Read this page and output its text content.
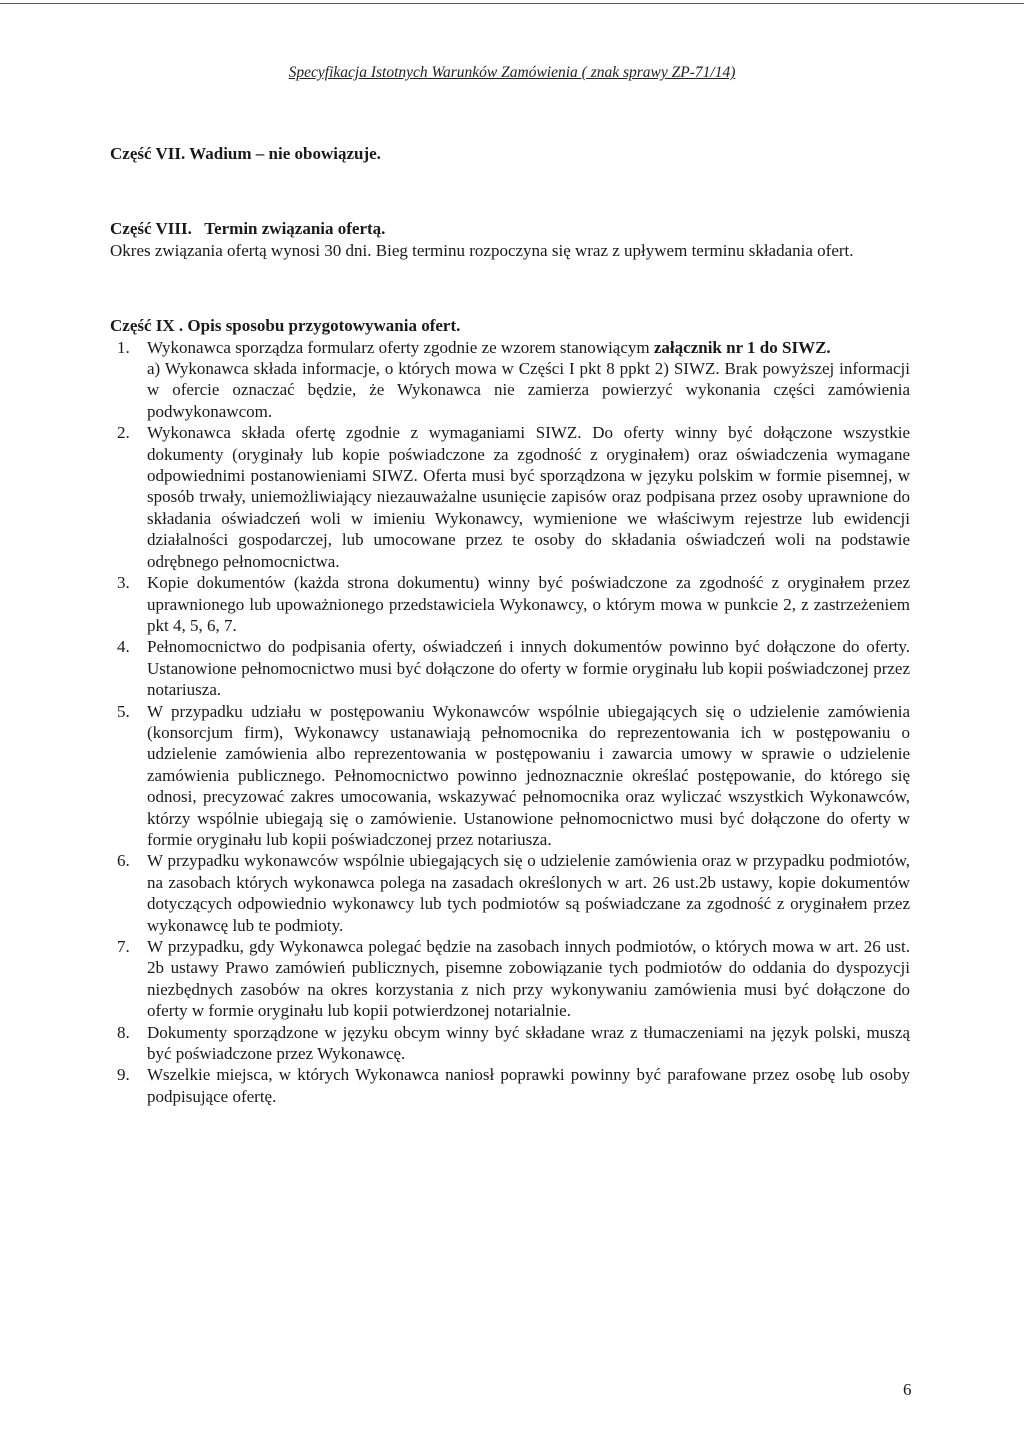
Specyfikacja Istotnych Warunków Zamówienia ( znak sprawy ZP-71/14)

Część VII. Wadium – nie obowiązuje.

Część VIII.   Termin związania ofertą.

Okres związania ofertą wynosi 30 dni. Bieg terminu rozpoczyna się wraz z upływem terminu składania ofert.

Część IX . Opis sposobu przygotowywania ofert.

1. Wykonawca sporządza formularz oferty zgodnie ze wzorem stanowiącym załącznik nr 1 do SIWZ.
a) Wykonawca składa informacje, o których mowa w Części I pkt 8 ppkt 2) SIWZ. Brak powyższej informacji w ofercie oznaczać będzie, że Wykonawca nie zamierza powierzyć wykonania części zamówienia podwykonawcom.
2. Wykonawca składa ofertę zgodnie z wymaganiami SIWZ. Do oferty winny być dołączone wszystkie dokumenty (oryginały lub kopie poświadczone za zgodność z oryginałem) oraz oświadczenia wymagane odpowiednimi postanowieniami SIWZ. Oferta musi być sporządzona w języku polskim w formie pisemnej, w sposób trwały, uniemożliwiający niezauważalne usunięcie zapisów oraz podpisana przez osoby uprawnione do składania oświadczeń woli w imieniu Wykonawcy, wymienione we właściwym rejestrze lub ewidencji działalności gospodarczej, lub umocowane przez te osoby do składania oświadczeń woli na podstawie odrębnego pełnomocnictwa.
3. Kopie dokumentów (każda strona dokumentu) winny być poświadczone za zgodność z oryginałem przez uprawnionego lub upoważnionego przedstawiciela Wykonawcy, o którym mowa w punkcie 2, z zastrzeżeniem pkt 4, 5, 6, 7.
4. Pełnomocnictwo do podpisania oferty, oświadczeń i innych dokumentów powinno być dołączone do oferty. Ustanowione pełnomocnictwo musi być dołączone do oferty w formie oryginału lub kopii poświadczonej przez notariusza.
5. W przypadku udziału w postępowaniu Wykonawców wspólnie ubiegających się o udzielenie zamówienia (konsorcjum firm), Wykonawcy ustanawiają pełnomocnika do reprezentowania ich w postępowaniu o udzielenie zamówienia albo reprezentowania w postępowaniu i zawarcia umowy w sprawie o udzielenie zamówienia publicznego. Pełnomocnictwo powinno jednoznacznie określać postępowanie, do którego się odnosi, precyzować zakres umocowania, wskazywać pełnomocnika oraz wyliczać wszystkich Wykonawców, którzy wspólnie ubiegają się o zamówienie. Ustanowione pełnomocnictwo musi być dołączone do oferty w formie oryginału lub kopii poświadczonej przez notariusza.
6. W przypadku wykonawców wspólnie ubiegających się o udzielenie zamówienia oraz w przypadku podmiotów, na zasobach których wykonawca polega na zasadach określonych w art. 26 ust.2b ustawy, kopie dokumentów dotyczących odpowiednio wykonawcy lub tych podmiotów są poświadczane za zgodność z oryginałem przez wykonawcę lub te podmioty.
7. W przypadku, gdy Wykonawca polegać będzie na zasobach innych podmiotów, o których mowa w art. 26 ust. 2b ustawy Prawo zamówień publicznych, pisemne zobowiązanie tych podmiotów do oddania do dyspozycji niezbędnych zasobów na okres korzystania z nich przy wykonywaniu zamówienia musi być dołączone do oferty w formie oryginału lub kopii potwierdzonej notarialnie.
8. Dokumenty sporządzone w języku obcym winny być składane wraz z tłumaczeniami na język polski, muszą być poświadczone przez Wykonawcę.
9. Wszelkie miejsca, w których Wykonawca naniosł poprawki powinny być parafowane przez osobę lub osoby podpisujące ofertę.
6
